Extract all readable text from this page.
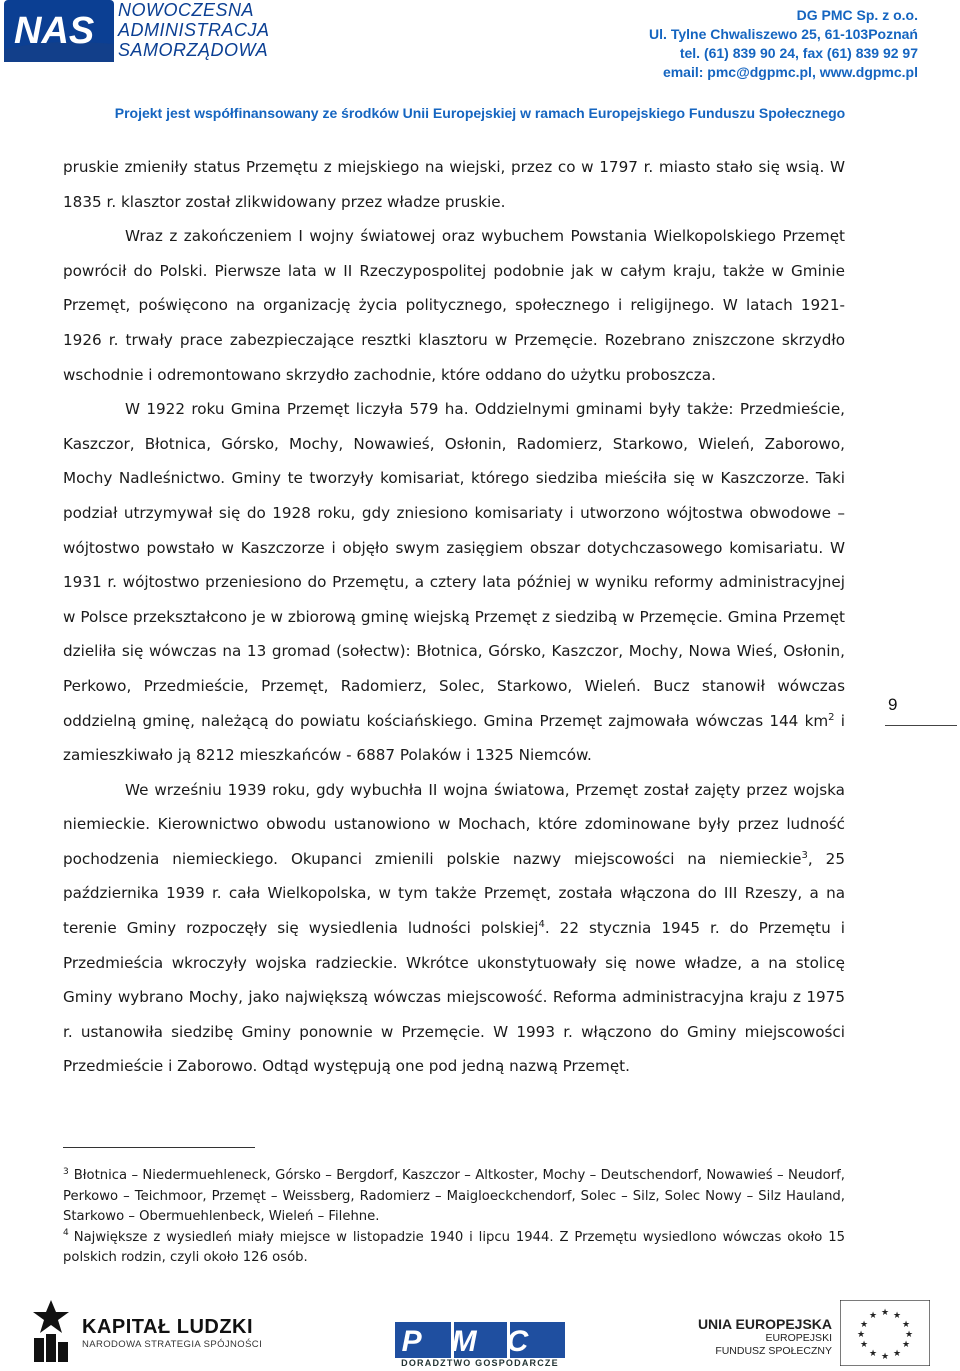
NAS NOWOCZESNA
ADMINISTRACJA
SAMORZĄDOWA
DG PMC Sp. z o.o.
Ul. Tylne Chwaliszewo 25, 61-103Poznań
tel. (61) 839 90 24, fax (61) 839 92 97
email: pmc@dgpmc.pl, www.dgpmc.pl
Projekt jest współfinansowany ze środków Unii Europejskiej w ramach Europejskiego Funduszu Społecznego

pruskie zmieniły status Przemętu z miejskiego na wiejski, przez co w 1797 r. miasto stało się wsią. W 1835 r. klasztor został zlikwidowany przez władze pruskie.

Wraz z zakończeniem I wojny światowej oraz wybuchem Powstania Wielkopolskiego Przemęt powrócił do Polski. Pierwsze lata w II Rzeczypospolitej podobnie jak w całym kraju, także w Gminie Przemęt, poświęcono na organizację życia politycznego, społecznego i religijnego. W latach 1921-1926 r. trwały prace zabezpieczające resztki klasztoru w Przemęcie. Rozebrano zniszczone skrzydło wschodnie i odremontowano skrzydło zachodnie, które oddano do użytku proboszcza.

W 1922 roku Gmina Przemęt liczyła 579 ha. Oddzielnymi gminami były także: Przedmieście, Kaszczor, Błotnica, Górsko, Mochy, Nowawieś, Osłonin, Radomierz, Starkowo, Wieleń, Zaborowo, Mochy Nadleśnictwo. Gminy te tworzyły komisariat, którego siedziba mieściła się w Kaszczorze. Taki podział utrzymywał się do 1928 roku, gdy zniesiono komisariaty i utworzono wójtostwa obwodowe – wójtostwo powstało w Kaszczorze i objęło swym zasięgiem obszar dotychczasowego komisariatu. W 1931 r. wójtostwo przeniesiono do Przemętu, a cztery lata później w wyniku reformy administracyjnej w Polsce przekształcono je w zbiorową gminę wiejską Przemęt z siedzibą w Przemęcie. Gmina Przemęt dzieliła się wówczas na 13 gromad (sołectw): Błotnica, Górsko, Kaszczor, Mochy, Nowa Wieś, Osłonin, Perkowo, Przedmieście, Przemęt, Radomierz, Solec, Starkowo, Wieleń. Bucz stanowił wówczas oddzielną gminę, należącą do powiatu kościańskiego. Gmina Przemęt zajmowała wówczas 144 $km^2$ i zamieszkiwało ją 8212 mieszkańców - 6887 Polaków i 1325 Niemców.

We wrześniu 1939 roku, gdy wybuchła II wojna światowa, Przemęt został zajęty przez wojska niemieckie. Kierownictwo obwodu ustanowiono w Mochach, które zdominowane były przez ludność pochodzenia niemieckiego. Okupanci zmienili polskie nazwy miejscowości na niemieckie$^3$, 25 października 1939 r. cała Wielkopolska, w tym także Przemęt, została włączona do III Rzeszy, a na terenie Gminy rozpoczęły się wysiedlenia ludności polskiej$^4$. 22 stycznia 1945 r. do Przemętu i Przedmieścia wkroczyły wojska radzieckie. Wkrótce ukonstytuowały się nowe władze, a na stolicę Gminy wybrano Mochy, jako największą wówczas miejscowość. Reforma administracyjna kraju z 1975 r. ustanowiła siedzibę Gminy ponownie w Przemęcie. W 1993 r. włączono do Gminy miejscowości Przedmieście i Zaborowo. Odtąd występują one pod jedną nazwą Przemęt.

9

$^3$ Błotnica – Niedermuehleneck, Górsko – Bergdorf, Kaszczor – Altkoster, Mochy – Deutschendorf, Nowawieś – Neudorf, Perkowo – Teichmoor, Przemęt – Weissberg, Radomierz – Maigloeckchendorf, Solec – Silz, Solec Nowy – Silz Hauland, Starkowo – Obermuehlenbeck, Wieleń – Filehne.

$^4$ Największe z wysiedleń miały miejsce w listopadzie 1940 i lipcu 1944. Z Przemętu wysiedlono wówczas około 15 polskich rodzin, czyli około 126 osób.

KAPITAŁ LUDZKI
NARODOWA STRATEGIA SPÓJNOŚCI	PMC
DORADZTWO GOSPODARCZE
UNIA EUROPEJSKA
EUROPEJSKI
FUNDUSZ SPOŁECZNY
★ ★
★
★
★
★
★
★
★
★
★
★
